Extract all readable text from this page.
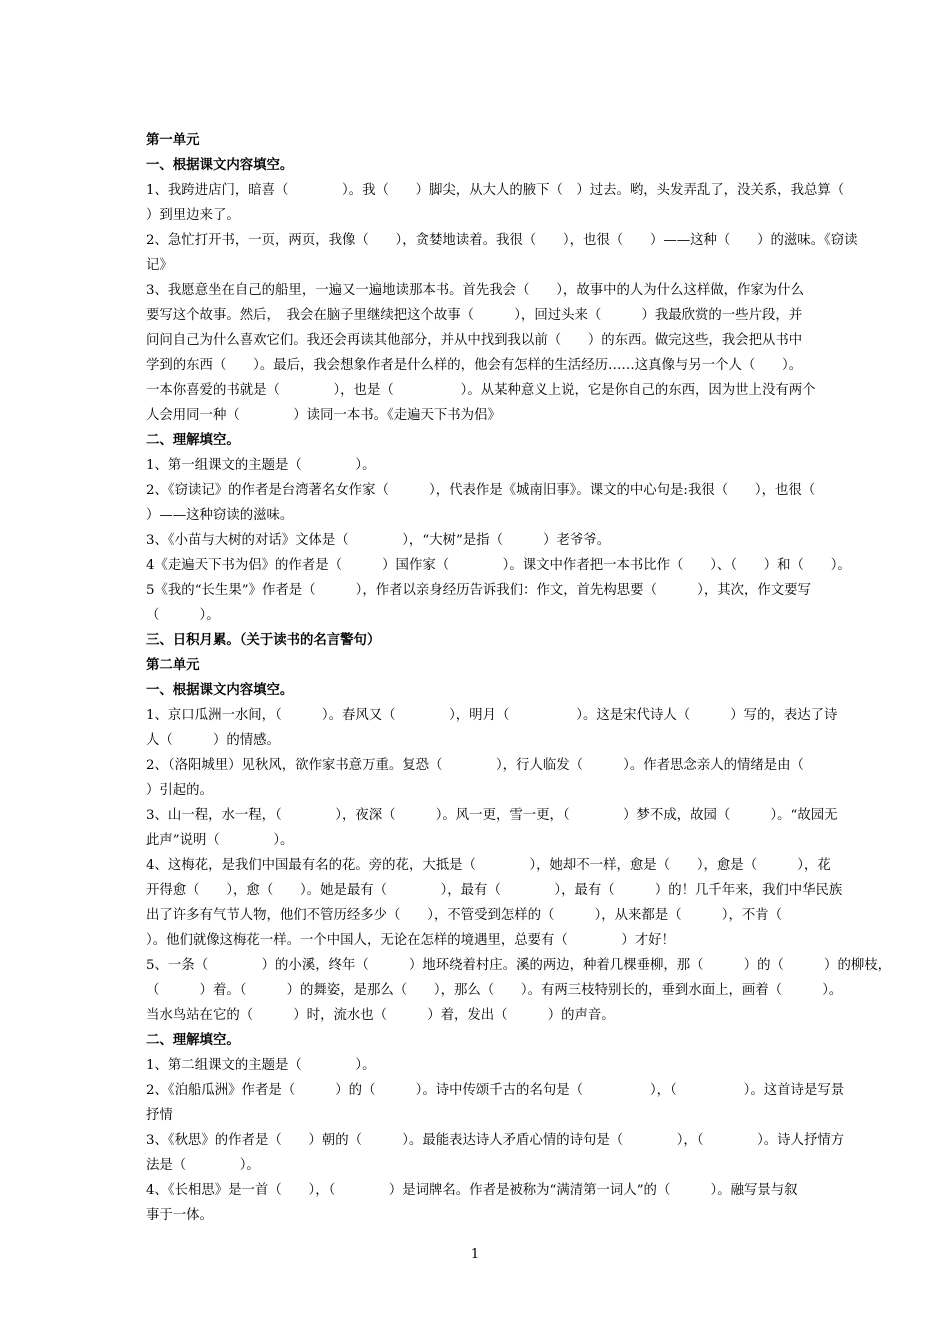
第一单元
一、根据课文内容填空。
1、我跨进店门，暗喜（　　　　）。我（　　）脚尖，从大人的腋下（　）过去。哟，头发弄乱了，没关系，我总算（
）到里边来了。
2、急忙打开书，一页，两页，我像（　　），贪婪地读着。我很（　　），也很（　　）——这种（　　）的滋味。《窃读
记》
3、我愿意坐在自己的船里，一遍又一遍地读那本书。首先我会（　　），故事中的人为什么这样做，作家为什么
要写这个故事。然后，　我会在脑子里继续把这个故事（　　　），回过头来（　　　）我最欣赏的一些片段，并
问问自己为什么喜欢它们。我还会再读其他部分，并从中找到我以前（　　）的东西。做完这些，我会把从书中
学到的东西（　　）。最后，我会想象作者是什么样的，他会有怎样的生活经历……这真像与另一个人（　　）。
一本你喜爱的书就是（　　　　），也是（　　　　　）。从某种意义上说，它是你自己的东西，因为世上没有两个
人会用同一种（　　　　）读同一本书。《走遍天下书为侣》
二、理解填空。
1、第一组课文的主题是（　　　　）。
2、《窃读记》的作者是台湾著名女作家（　　　），代表作是《城南旧事》。课文的中心句是:我很（　　），也很（
）——这种窃读的滋味。
3、《小苗与大树的对话》文体是（　　　　），“大树”是指（　　　）老爷爷。
4《走遍天下书为侣》的作者是（　　　）国作家（　　　　）。课文中作者把一本书比作（　　）、（　　）和（　　）。
5《我的“长生果”》作者是（　　　），作者以亲身经历告诉我们：作文，首先构思要（　　　），其次，作文要写
（　　　）。
三、日积月累。（关于读书的名言警句）
第二单元
一、根据课文内容填空。
1、京口瓜洲一水间，（　　　）。春风又（　　　　），明月（　　　　　）。这是宋代诗人（　　　）写的，表达了诗
人（　　　）的情感。
2、（洛阳城里）见秋风，欲作家书意万重。复恐（　　　　），行人临发（　　　）。作者思念亲人的情绪是由（
）引起的。
3、山一程，水一程，（　　　　），夜深（　　　）。风一更，雪一更，（　　　　）梦不成，故园（　　　）。“故园无
此声”说明（　　　　）。
4、这梅花，是我们中国最有名的花。旁的花，大抵是（　　　　），她却不一样，愈是（　　），愈是（　　　），花
开得愈（　　），愈（　　）。她是最有（　　　　），最有（　　　　），最有（　　　）的！几千年来，我们中华民族
出了许多有气节人物，他们不管历经多少（　　），不管受到怎样的（　　　），从来都是（　　　），不肯（
）。他们就像这梅花一样。一个中国人，无论在怎样的境遇里，总要有（　　　　）才好！
5、一条（　　　　）的小溪，终年（　　　）地环绕着村庄。溪的两边，种着几棵垂柳，那（　　　）的（　　　）的柳枝，
（　　　）着。（　　　）的舞姿，是那么（　　），那么（　　）。有两三枝特别长的，垂到水面上，画着（　　　）。
当水鸟站在它的（　　　）时，流水也（　　　）着，发出（　　　）的声音。
二、理解填空。
1、第二组课文的主题是（　　　　）。
2、《泊船瓜洲》作者是（　　　）的（　　　）。诗中传颂千古的名句是（　　　　　），（　　　　　）。这首诗是写景
抒情
3、《秋思》的作者是（　　）朝的（　　　）。最能表达诗人矛盾心情的诗句是（　　　　），（　　　　）。诗人抒情方
法是（　　　　）。
4、《长相思》是一首（　　），（　　　　）是词牌名。作者是被称为“满清第一词人”的（　　　）。融写景与叙
事于一体。
1
